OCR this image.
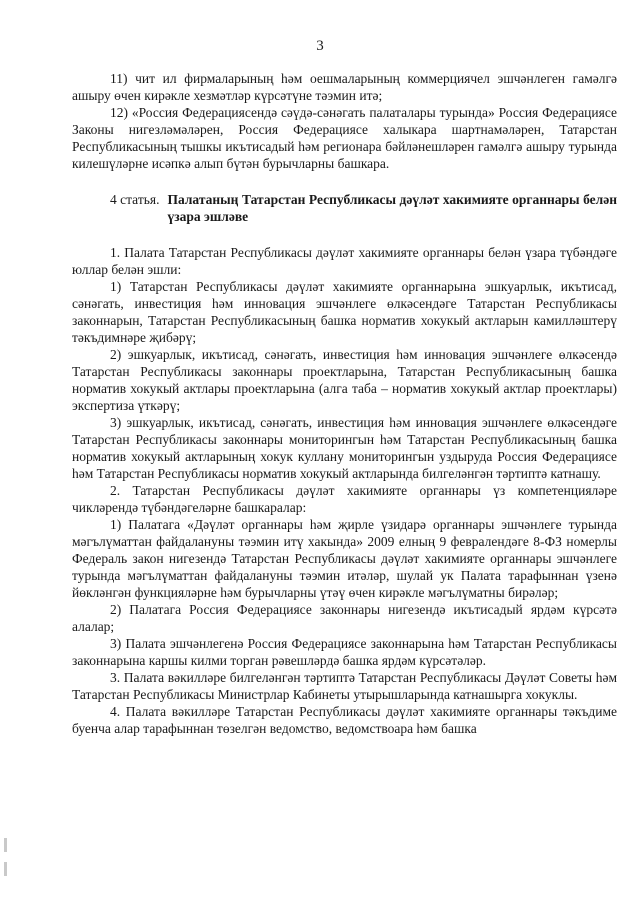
3

11) чит ил фирмаларының һәм оешмаларының коммерциячел эшчәнлеген гамәлгә ашыру өчен кирәкле хезмәтләр күрсәтүне тәэмин итә;

12) «Россия Федерациясендә сәүдә-сәнәгать палаталары турында» Россия Федерациясе Законы нигезләмәләрен, Россия Федерациясе халыкара шартнамәләрен, Татарстан Республикасының тышкы икътисадый һәм регионара бәйләнешләрен гамәлгә ашыру турында килешүләрне исәпкә алып бүтән бурычларны башкара.

4 статья. Палатаның Татарстан Республикасы дәүләт хакимияте органнары белән үзара эшләве

1. Палата Татарстан Республикасы дәүләт хакимияте органнары белән үзара түбәндәге юллар белән эшли:

1) Татарстан Республикасы дәүләт хакимияте органнарына эшкуарлык, икътисад, сәнәгать, инвестиция һәм инновация эшчәнлеге өлкәсендәге Татарстан Республикасы законнарын, Татарстан Республикасының башка норматив хокукый актларын камилләштерү тәкъдимнәре җибәрү;

2) эшкуарлык, икътисад, сәнәгать, инвестиция һәм инновация эшчәнлеге өлкәсендә Татарстан Республикасы законнары проектларына, Татарстан Республикасының башка норматив хокукый актлары проектларына (алга таба – норматив хокукый актлар проектлары) экспертиза үткәрү;

3) эшкуарлык, икътисад, сәнәгать, инвестиция һәм инновация эшчәнлеге өлкәсендәге Татарстан Республикасы законнары мониторингын һәм Татарстан Республикасының башка норматив хокукый актларының хокук куллану мониторингын уздыруда Россия Федерациясе һәм Татарстан Республикасы норматив хокукый актларында билгеләнгән тәртиптә катнашу.

2. Татарстан Республикасы дәүләт хакимияте органнары үз компетенцияләре чикләрендә түбәндәгеләрне башкаралар:

1) Палатага «Дәүләт органнары һәм җирле үзидарә органнары эшчәнлеге турында мәгълүматтан файдалануны тәэмин итү хакында» 2009 елның 9 февралендәге 8-ФЗ номерлы Федераль закон нигезендә Татарстан Республикасы дәүләт хакимияте органнары эшчәнлеге турында мәгълүматтан файдалануны тәэмин итәләр, шулай ук Палата тарафыннан үзенә йөкләнгән функцияләрне һәм бурычларны үтәү өчен кирәкле мәгълүматны бирәләр;

2) Палатага Россия Федерациясе законнары нигезендә икътисадый ярдәм күрсәтә алалар;

3) Палата эшчәнлегенә Россия Федерациясе законнарына һәм Татарстан Республикасы законнарына каршы килми торган рәвешләрдә башка ярдәм күрсәтәләр.

3. Палата вәкилләре билгеләнгән тәртиптә Татарстан Республикасы Дәүләт Советы һәм Татарстан Республикасы Министрлар Кабинеты утырышларында катнашырга хокуклы.

4. Палата вәкилләре Татарстан Республикасы дәүләт хакимияте органнары тәкъдиме буенча алар тарафыннан төзелгән ведомство, ведомствоара һәм башка
